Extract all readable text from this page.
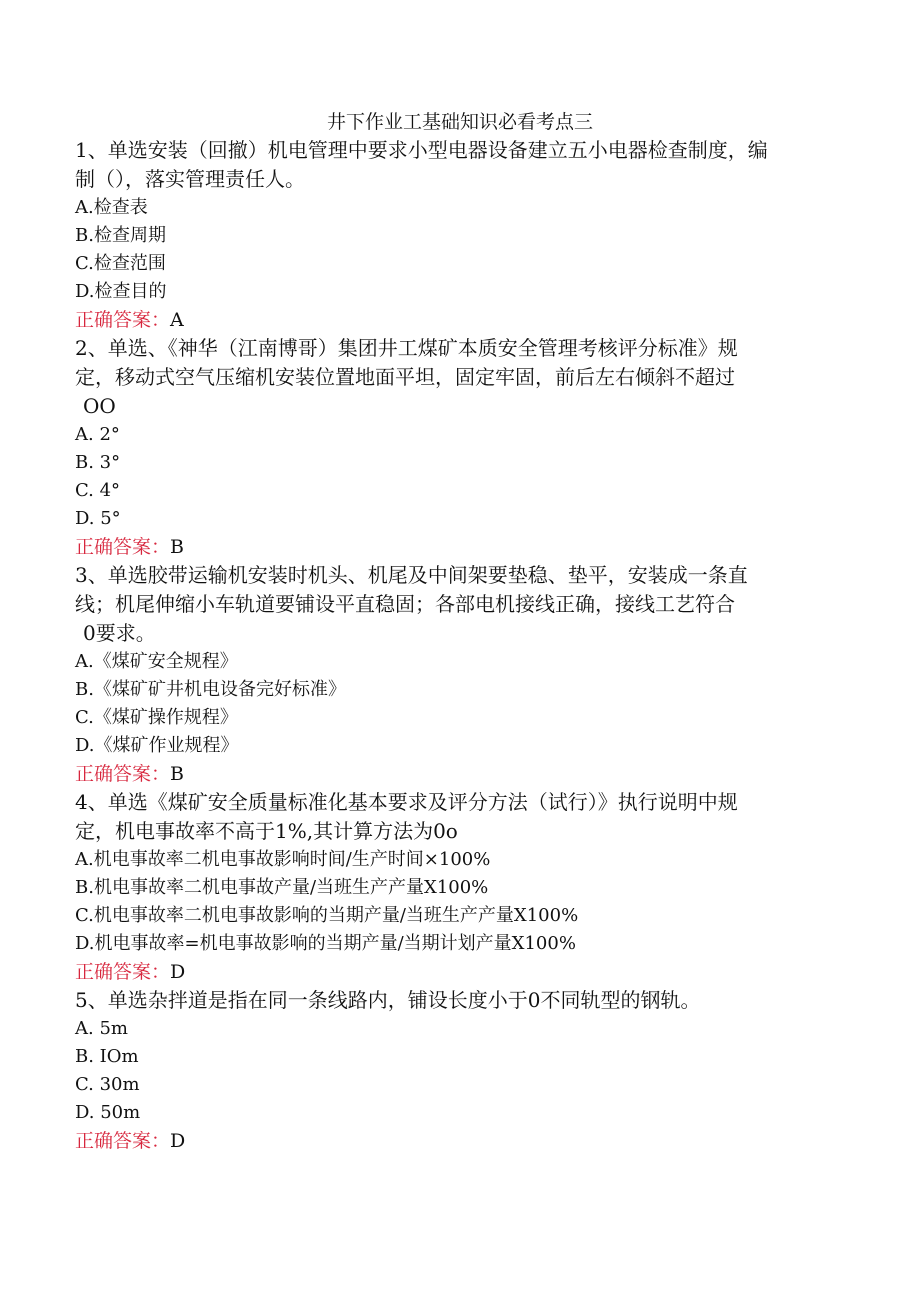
井下作业工基础知识必看考点三

1、单选安装（回撤）机电管理中要求小型电器设备建立五小电器检查制度，编

制（），落实管理责任人。

A.检查表

B.检查周期

C.检查范围

D.检查目的

正确答案：A

2、单选、《神华（江南博哥）集团井工煤矿本质安全管理考核评分标准》规

定，移动式空气压缩机安装位置地面平坦，固定牢固，前后左右倾斜不超过

OO

A. 2°

B. 3°

C. 4°

D. 5°

正确答案：B

3、单选胶带运输机安装时机头、机尾及中间架要垫稳、垫平，安装成一条直

线；机尾伸缩小车轨道要铺设平直稳固；各部电机接线正确，接线工艺符合

0要求。

A.《煤矿安全规程》

B.《煤矿矿井机电设备完好标准》

C.《煤矿操作规程》

D.《煤矿作业规程》

正确答案：B

4、单选《煤矿安全质量标准化基本要求及评分方法（试行）》执行说明中规

定，机电事故率不高于1%,其计算方法为0o

A.机电事故率二机电事故影响时间/生产时间×100%

B.机电事故率二机电事故产量/当班生产产量X100%

C.机电事故率二机电事故影响的当期产量/当班生产产量X100%

D.机电事故率=机电事故影响的当期产量/当期计划产量X100%

正确答案：D

5、单选杂拌道是指在同一条线路内，铺设长度小于0不同轨型的钢轨。

A. 5m

B. IOm

C. 30m

D. 50m

正确答案：D
